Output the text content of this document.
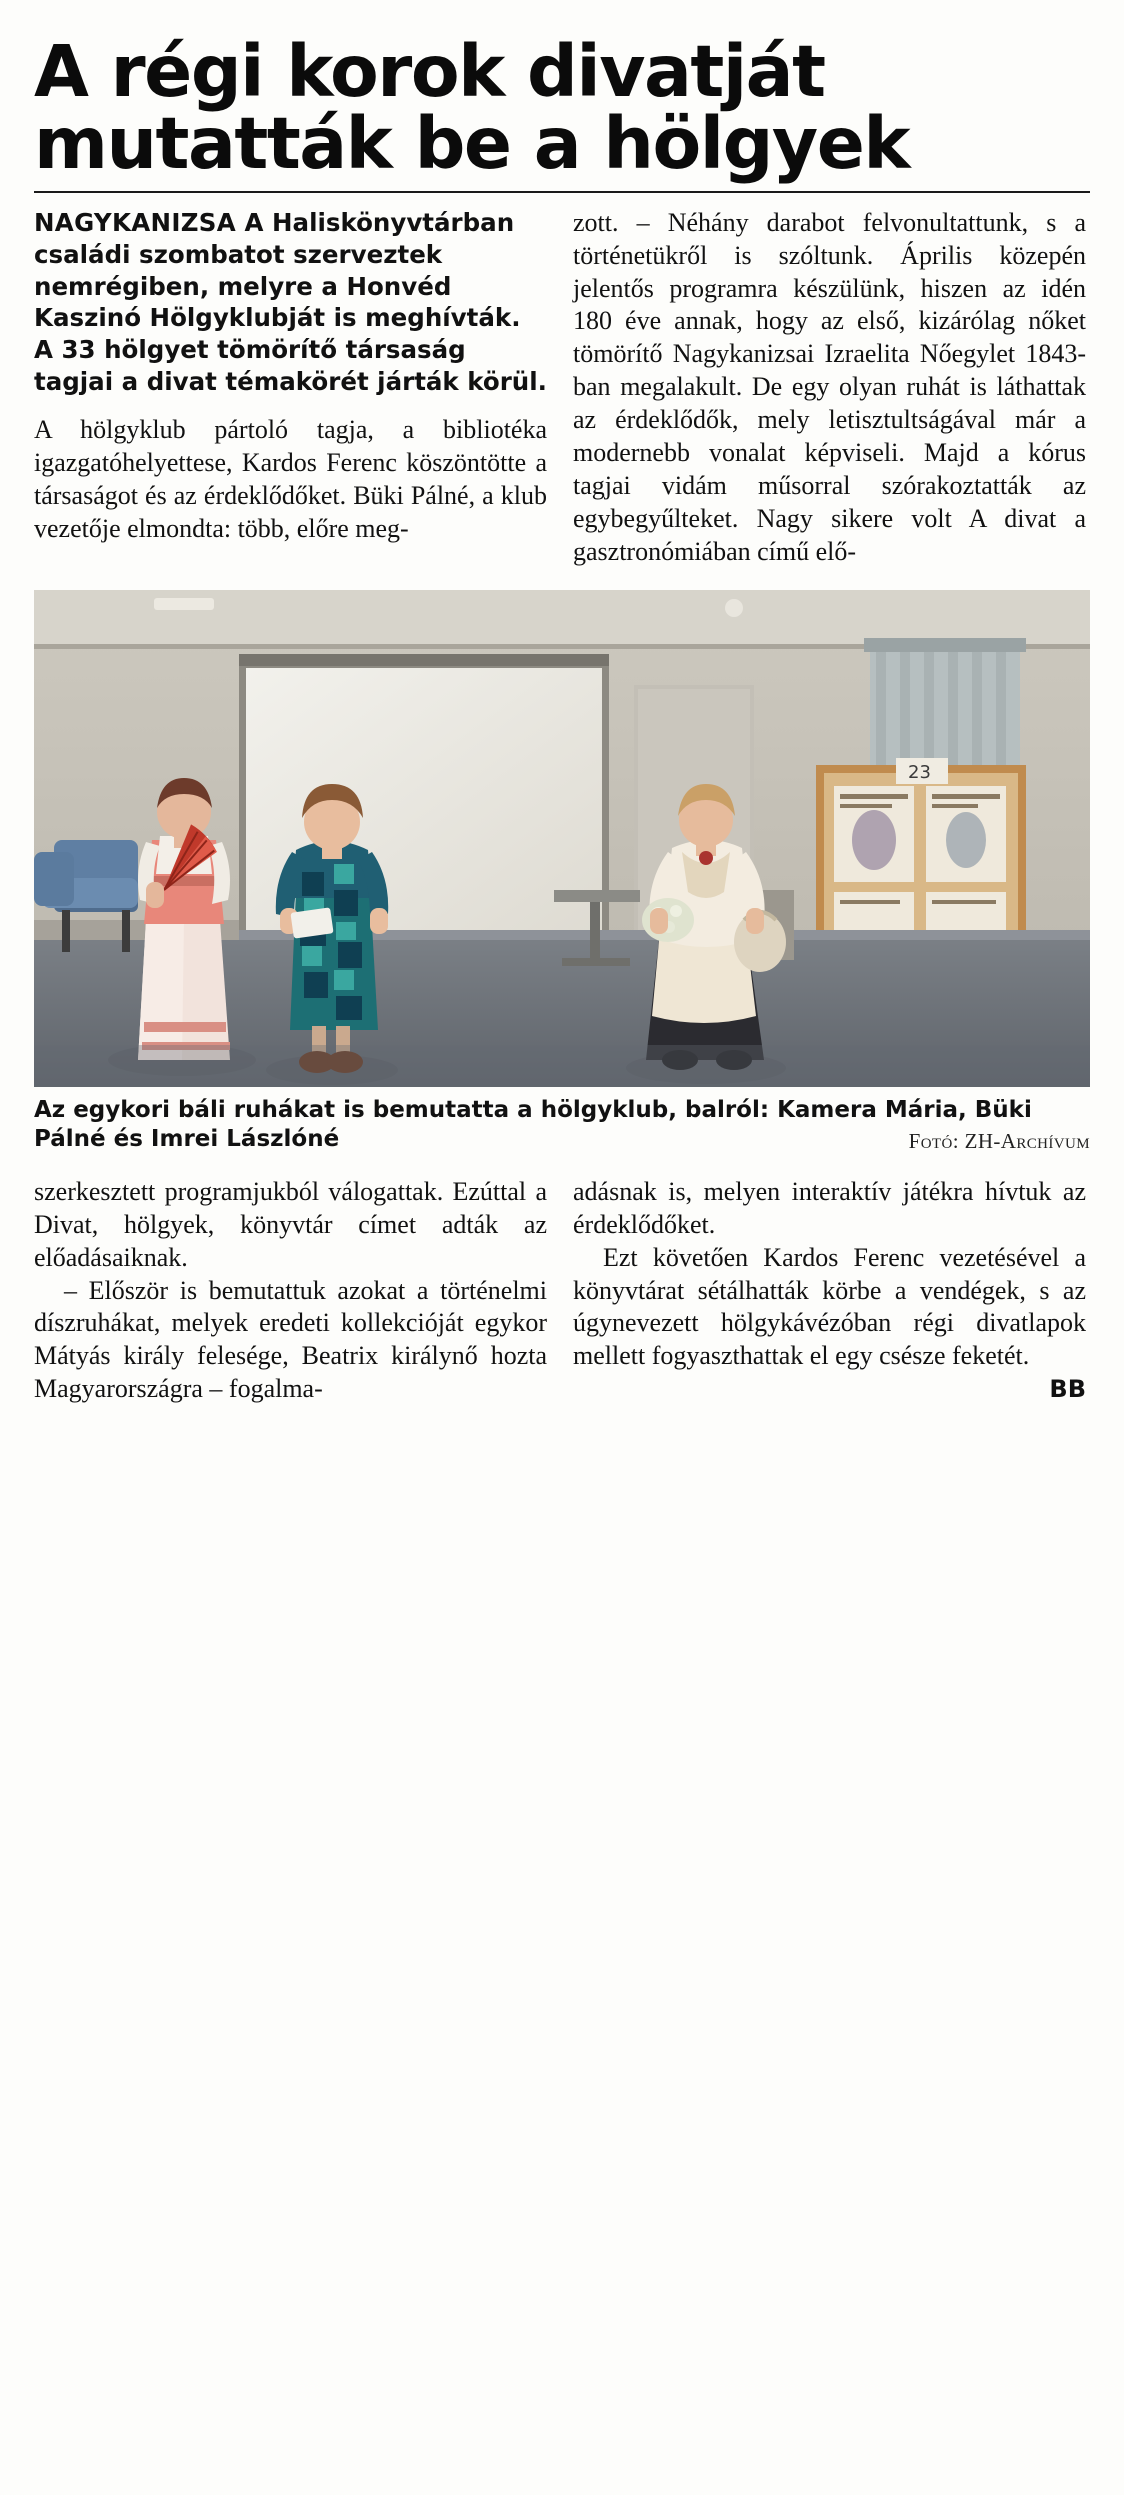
A régi korok divatját
mutatták be a hölgyek

NAGYKANIZSA A Haliskönyvtárban családi szombatot szerveztek nemrégiben, melyre a Honvéd Kaszinó Hölgyklubját is meghívták. A 33 hölgyet tömörítő társaság tagjai a divat témakörét járták körül.

A hölgyklub pártoló tagja, a bibliotéka igazgatóhelyettese, Kardos Ferenc köszöntötte a társaságot és az érdeklődőket. Büki Pálné, a klub vezetője elmondta: több, előre meg-

zott. – Néhány darabot felvonultattunk, s a történetükről is szóltunk. Április közepén jelentős programra készülünk, hiszen az idén 180 éve annak, hogy az első, kizárólag nőket tömörítő Nagykanizsai Izraelita Nőegylet 1843-ban megalakult. De egy olyan ruhát is láthattak az érdeklődők, mely letisztultságával már a modernebb vonalat képviseli. Majd a kórus tagjai vidám műsorral szórakoztatták az egybegyűlteket. Nagy sikere volt A divat a gasztronómiában című elő-

23
Az egykori báli ruhákat is bemutatta a hölgyklub, balról: Kamera Mária, Büki Pálné és Imrei Lászlóné	Fotó: ZH-Archívum

szerkesztett programjukból válogattak. Ezúttal a Divat, hölgyek, könyvtár címet adták az előadásaiknak.

– Először is bemutattuk azokat a történelmi díszruhákat, melyek eredeti kollekcióját egykor Mátyás király felesége, Beatrix királynő hozta Magyarországra – fogalma-

adásnak is, melyen interaktív játékra hívtuk az érdeklődőket.

Ezt követően Kardos Ferenc vezetésével a könyvtárat sétálhatták körbe a vendégek, s az úgynevezett hölgykávézóban régi divatlapok mellett fogyaszthattak el egy csésze feketét.

BB
